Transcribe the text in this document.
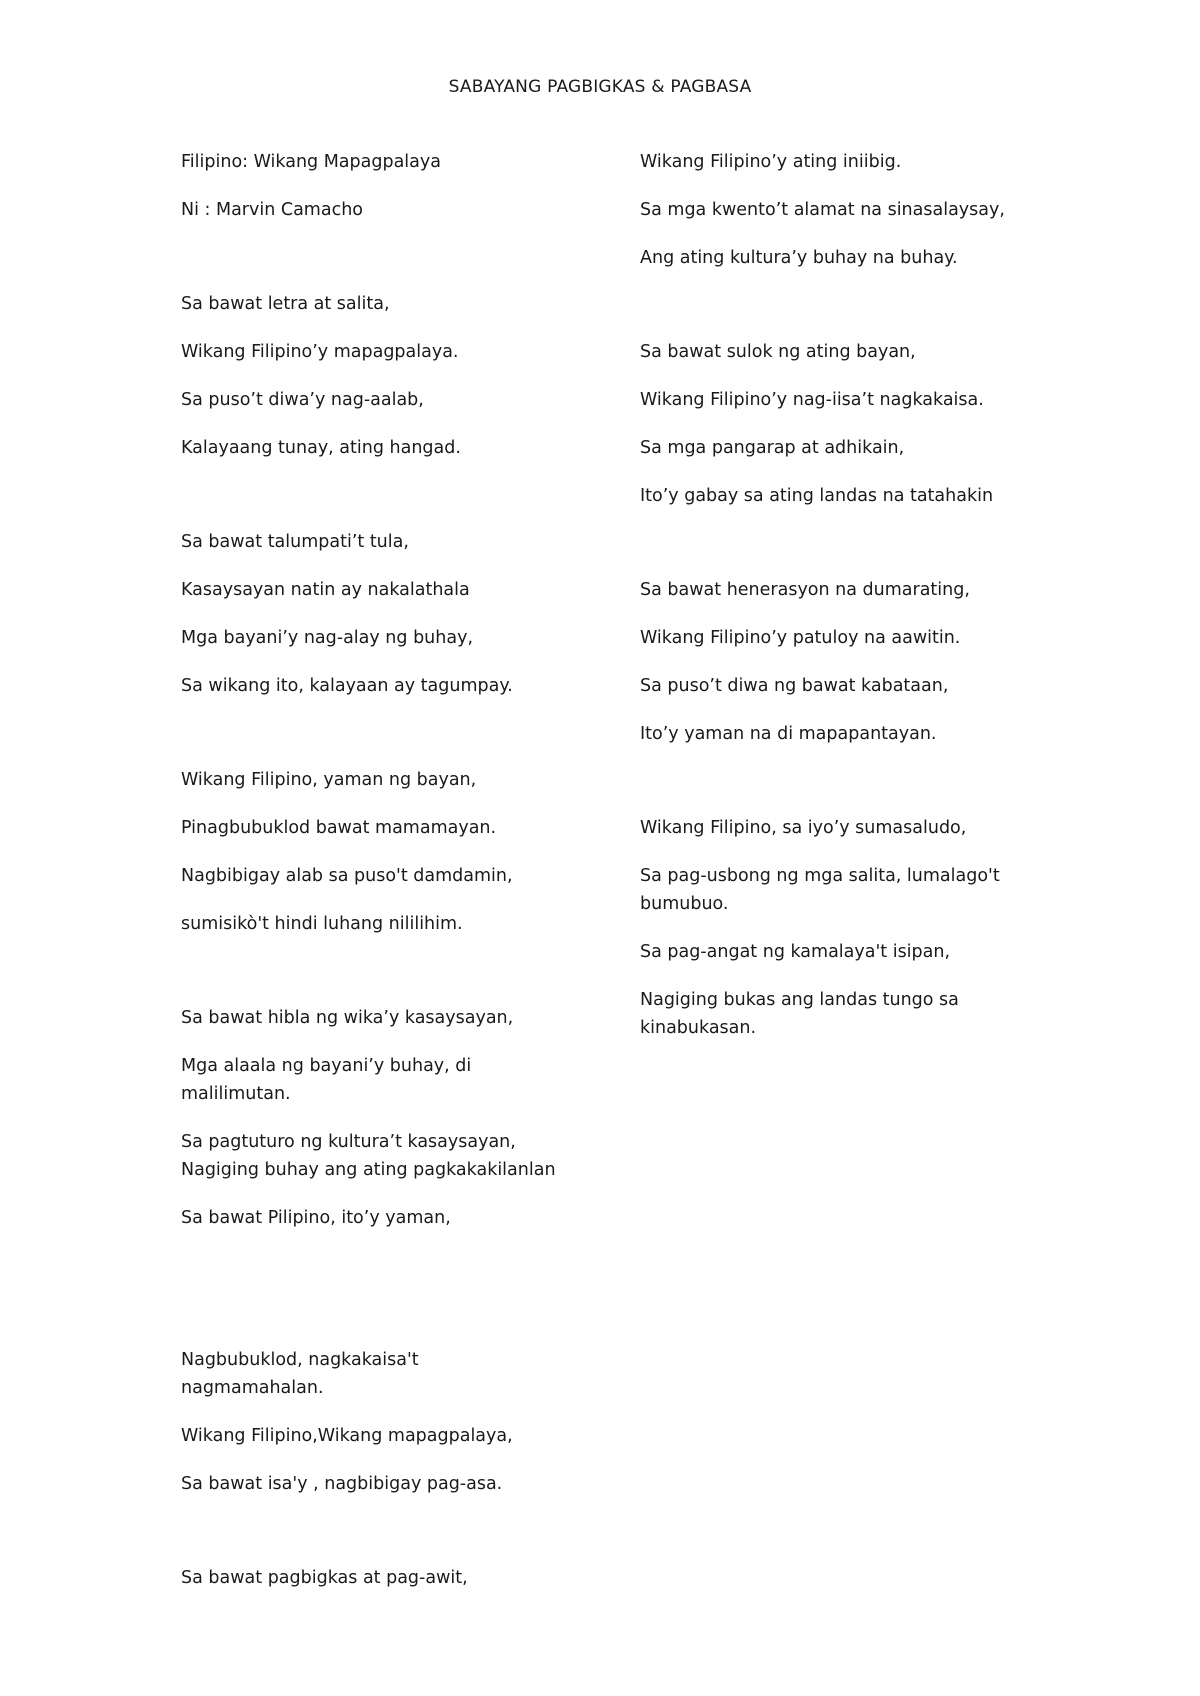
SABAYANG PAGBIGKAS & PAGBASA
Filipino: Wikang Mapagpalaya
Ni : Marvin Camacho
Sa bawat letra at salita,
Wikang Filipino’y mapagpalaya.
Sa puso’t diwa’y nag-aalab,
Kalayaang tunay, ating hangad.
Sa bawat talumpati’t tula,
Kasaysayan natin ay nakalathala
Mga bayani’y nag-alay ng buhay,
Sa wikang ito, kalayaan ay tagumpay.
Wikang Filipino, yaman ng bayan,
Pinagbubuklod bawat mamamayan.
Nagbibigay alab sa puso't damdamin,
sumisikò't hindi luhang nililihim.
Sa bawat hibla ng wika’y kasaysayan,
Mga alaala ng bayani’y buhay, di malilimutan.
Sa pagtuturo ng kultura’t kasaysayan,
Nagiging buhay ang ating pagkakakilanlan
Sa bawat Pilipino, ito’y yaman,
Nagbubuklod, nagkakaisa't nagmamahalan.
Wikang Filipino,Wikang mapagpalaya,
Sa bawat isa'y , nagbibigay pag-asa.
Sa bawat pagbigkas at pag-awit,
Wikang Filipino’y ating iniibig.
Sa mga kwento’t alamat na sinasalaysay,
Ang ating kultura’y buhay na buhay.
Sa bawat sulok ng ating bayan,
Wikang Filipino’y nag-iisa’t nagkakaisa.
Sa mga pangarap at adhikain,
Ito’y gabay sa ating landas na tatahakin
Sa bawat henerasyon na dumarating,
Wikang Filipino’y patuloy na aawitin.
Sa puso’t diwa ng bawat kabataan,
Ito’y yaman na di mapapantayan.
Wikang Filipino, sa iyo’y sumasaludo,
Sa pag-usbong ng mga salita, lumalago't bumubuo.
Sa pag-angat ng kamalaya't isipan,
Nagiging bukas ang landas tungo sa kinabukasan.
